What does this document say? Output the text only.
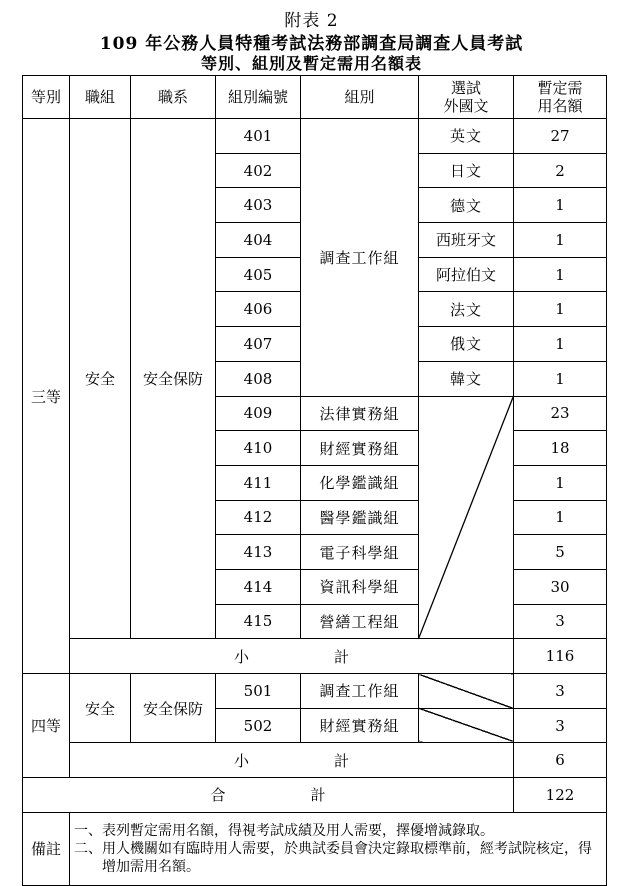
附表 2
109 年公務人員特種考試法務部調查局調查人員考試
等別、組別及暫定需用名額表
等別	職組	職系	組別編號	組別	選試
外國文	暫定需
用名額
三等	安全	安全保防	401	調查工作組	英文	27
			402		日文	2
			403		德文	1
			404		西班牙文	1
			405		阿拉伯文	1
			406		法文	1
			407		俄文	1
			408		韓文	1
			409	法律實務組		23
			410	財經實務組		18
			411	化學鑑識組		1
			412	醫學鑑識組		1
			413	電子科學組		5
			414	資訊科學組		30
			415	營繕工程組		3
	小 計					116
四等	安全	安全保防	501	調查工作組		3
			502	財經實務組		3
	小 計					6
合 計						122
備註	一、表列暫定需用名額，得視考試成績及用人需要，擇優增減錄取。
二、用人機關如有臨時用人需要，於典試委員會決定錄取標準前，經考試院核定，得增加需用名額。					
